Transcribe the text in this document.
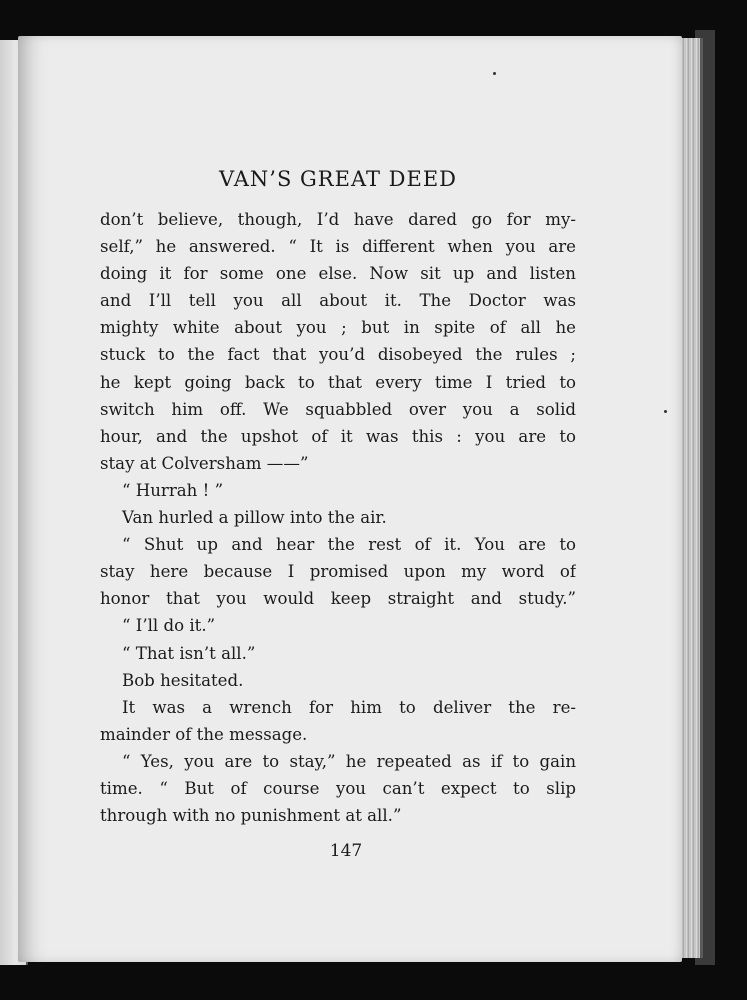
VAN’S GREAT DEED
don’t believe, though, I’d have dared go for my-
self,” he answered. “ It is different when you are
doing it for some one else. Now sit up and listen
and I’ll tell you all about it. The Doctor was
mighty white about you ; but in spite of all he
stuck to the fact that you’d disobeyed the rules ;
he kept going back to that every time I tried to
switch him off. We squabbled over you a solid
hour, and the upshot of it was this : you are to
stay at Colversham ——”
“ Hurrah ! ”
Van hurled a pillow into the air.
“ Shut up and hear the rest of it. You are to
stay here because I promised upon my word of
honor that you would keep straight and study.”
“ I’ll do it.”
“ That isn’t all.”
Bob hesitated.
It was a wrench for him to deliver the re-
mainder of the message.
“ Yes, you are to stay,” he repeated as if to gain
time. “ But of course you can’t expect to slip
through with no punishment at all.”
147
